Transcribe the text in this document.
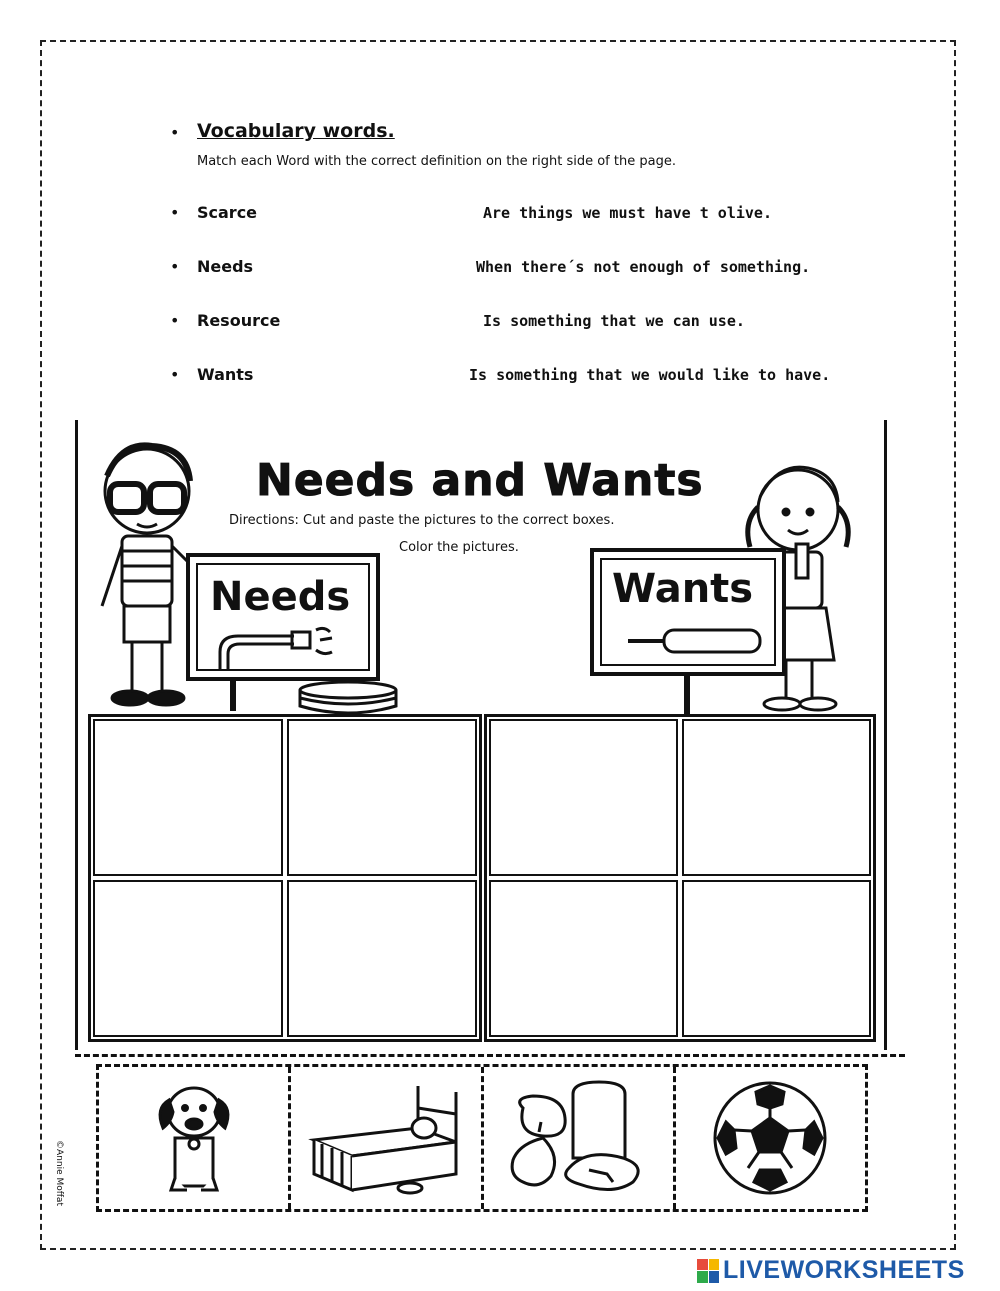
• Vocabulary words.
Match each Word with the correct definition on the right side of the page.
• Scarce	Are things we must have t olive.
• Needs	When there´s not enough of something.
• Resource	Is something that we can use.
• Wants	Is something that we would like to have.
Needs and Wants
Directions: Cut and paste the pictures to the correct boxes.
Color the pictures.
Needs	Wants
©Annie Moffat
LIVEWORKSHEETS
